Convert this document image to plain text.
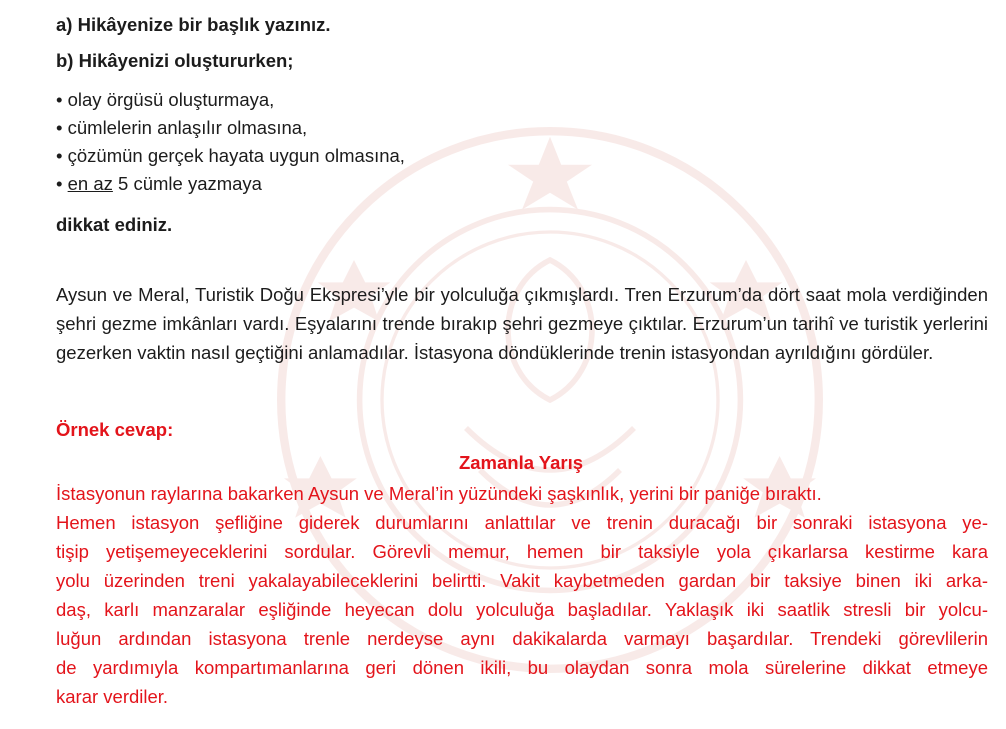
a) Hikâyenize bir başlık yazınız.
b) Hikâyenizi oluştururken;
• olay örgüsü oluşturmaya,
• cümlelerin anlaşılır olmasına,
• çözümün gerçek hayata uygun olmasına,
• en az 5 cümle yazmaya
dikkat ediniz.
Aysun ve Meral, Turistik Doğu Ekspresi’yle bir yolculuğa çıkmışlardı. Tren Erzurum’da dört saat mola verdiğinden şehri gezme imkânları vardı. Eşyalarını trende bırakıp şehri gezmeye çıktılar. Erzurum’un tarihî ve turistik yerlerini gezerken vaktin nasıl geçtiğini anlamadılar. İstasyona döndüklerinde trenin istasyondan ayrıldığını gördüler.
Örnek cevap:
Zamanla Yarış
İstasyonun raylarına bakarken Aysun ve Meral’in yüzündeki şaşkınlık, yerini bir paniğe bıraktı.
Hemen istasyon şefliğine giderek durumlarını anlattılar ve trenin duracağı bir sonraki istasyona ye-
tişip yetişemeyeceklerini sordular. Görevli memur, hemen bir taksiyle yola çıkarlarsa kestirme kara
yolu üzerinden treni yakalayabileceklerini belirtti. Vakit kaybetmeden gardan bir taksiye binen iki arka-
daş, karlı manzaralar eşliğinde heyecan dolu yolculuğa başladılar. Yaklaşık iki saatlik stresli bir yolcu-
luğun ardından istasyona trenle nerdeyse aynı dakikalarda varmayı başardılar. Trendeki görevlilerin
de yardımıyla kompartımanlarına geri dönen ikili, bu olaydan sonra mola sürelerine dikkat etmeye
karar verdiler.
